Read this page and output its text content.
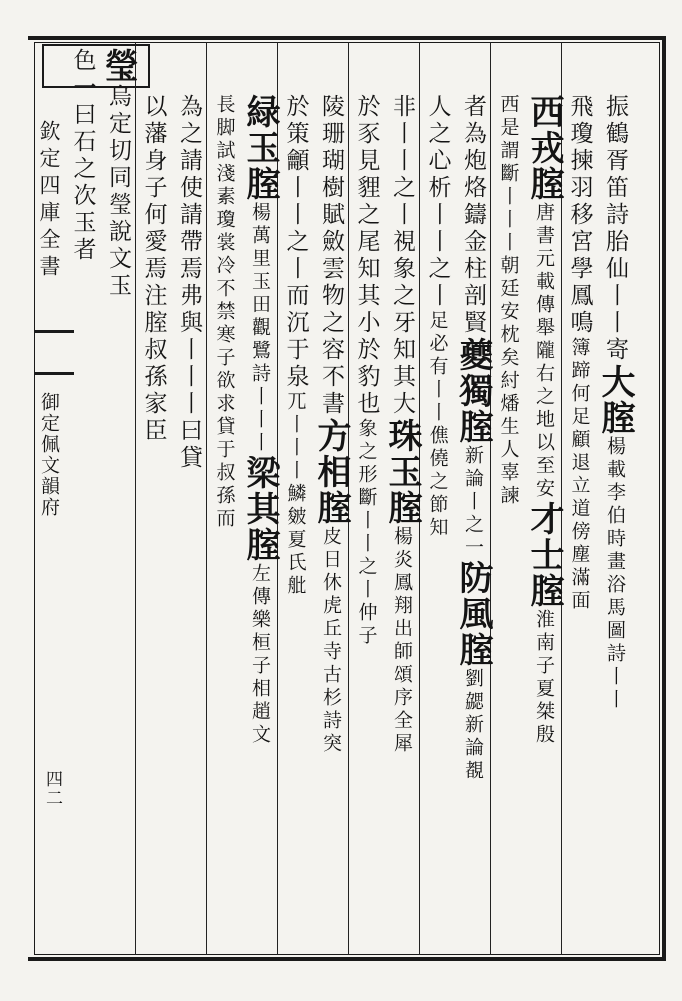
欽定四庫全書
御定佩文韻府
四二
振鶴胥笛詩胎仙丨丨寄大腟楊載李伯時畫浴馬圖詩丨丨
飛瓊揀羽移宮學鳳鳴簿蹄何足顧退立道傍塵滿面
西戎腟唐書元載傳舉隴右之地以至安才士腟淮南子夏桀殷
西是謂斷丨丨丨朝廷安枕矣紂燔生人辜諫
者為炮烙鑄金柱剖賢夔獨腟新論丨之一防風腟劉勰新論覩
人之心析丨丨之丨足必有丨丨僬僥之節知
非丨丨之丨視象之牙知其大珠玉腟楊炎鳳翔出師頌序全犀
於豕見貍之尾知其小於豹也象之形斷丨丨之丨仲子
陵珊瑚樹賦斂雲物之容不書方相腟皮日休虎丘寺古杉詩突
於策龥丨丨之丨而沉于泉兀丨丨丨鱗皴夏氏舭
緑玉腟楊萬里玉田觀鷺詩丨丨丨梁其腟左傳樂桓子相趙文
長脚試淺素瓊裳冷不禁寒子欲求貸于叔孫而
為之請使請帶焉弗與丨丨丨曰貸
以藩身子何愛焉注腟叔孫家臣
瑩烏定切同瑩說文玉
色一曰石之次玉者
